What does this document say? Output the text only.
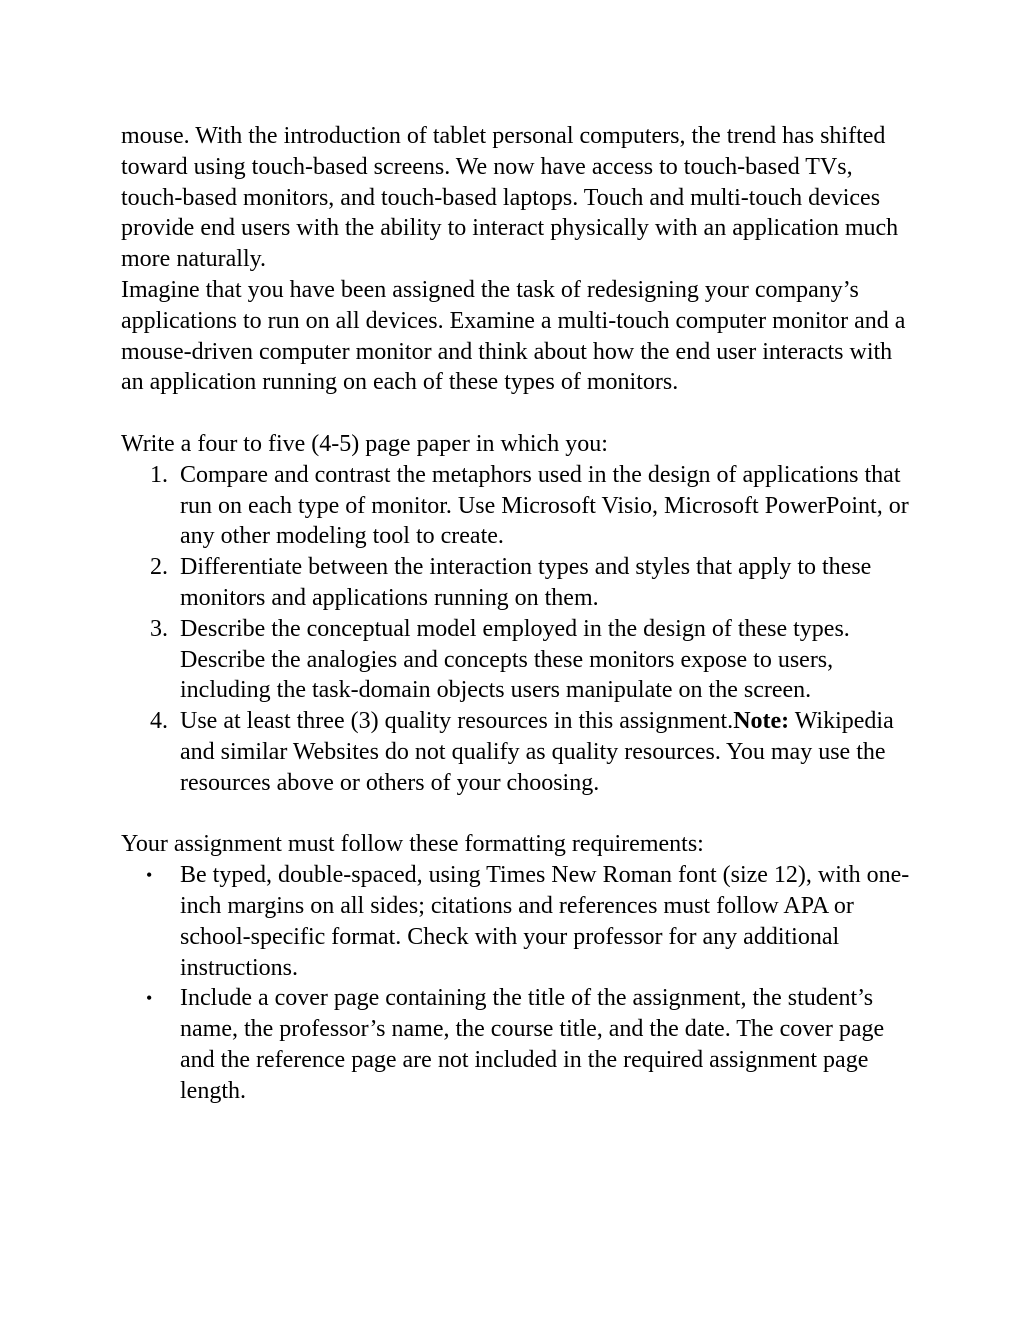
mouse. With the introduction of tablet personal computers, the trend has shifted toward using touch-based screens. We now have access to touch-based TVs, touch-based monitors, and touch-based laptops. Touch and multi-touch devices provide end users with the ability to interact physically with an application much more naturally.

Imagine that you have been assigned the task of redesigning your company’s applications to run on all devices. Examine a multi-touch computer monitor and a mouse-driven computer monitor and think about how the end user interacts with an application running on each of these types of monitors.

Write a four to five (4-5) page paper in which you:

1. Compare and contrast the metaphors used in the design of applications that run on each type of monitor. Use Microsoft Visio, Microsoft PowerPoint, or any other modeling tool to create.
2. Differentiate between the interaction types and styles that apply to these monitors and applications running on them.
3. Describe the conceptual model employed in the design of these types. Describe the analogies and concepts these monitors expose to users, including the task-domain objects users manipulate on the screen.
4. Use at least three (3) quality resources in this assignment.Note: Wikipedia and similar Websites do not qualify as quality resources. You may use the resources above or others of your choosing.

Your assignment must follow these formatting requirements:

• Be typed, double-spaced, using Times New Roman font (size 12), with one-inch margins on all sides; citations and references must follow APA or school-specific format. Check with your professor for any additional instructions.
• Include a cover page containing the title of the assignment, the student’s name, the professor’s name, the course title, and the date. The cover page and the reference page are not included in the required assignment page length.
